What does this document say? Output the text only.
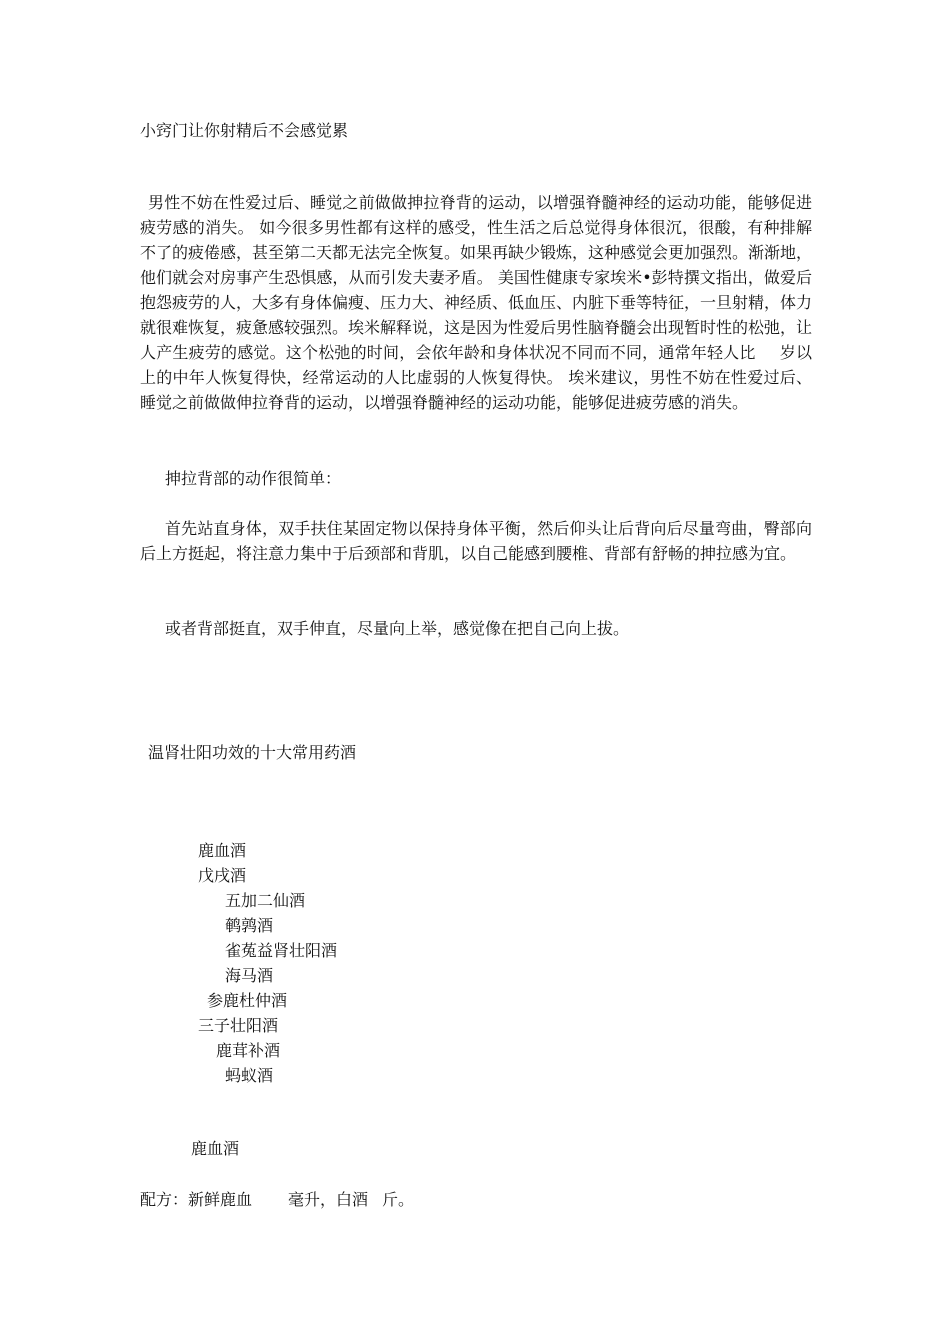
小窍门让你射精后不会感觉累

男性不妨在性爱过后、睡觉之前做做抻拉脊背的运动，以增强脊髓神经的运动功能，能够促进疲劳感的消失。 如今很多男性都有这样的感受，性生活之后总觉得身体很沉，很酸，有种排解不了的疲倦感，甚至第二天都无法完全恢复。如果再缺少锻炼，这种感觉会更加强烈。渐渐地，他们就会对房事产生恐惧感，从而引发夫妻矛盾。 美国性健康专家埃米•彭特撰文指出，做爱后抱怨疲劳的人，大多有身体偏瘦、压力大、神经质、低血压、内脏下垂等特征，一旦射精，体力就很难恢复，疲惫感较强烈。埃米解释说，这是因为性爱后男性脑脊髓会出现暂时性的松弛，让人产生疲劳的感觉。这个松弛的时间，会依年龄和身体状况不同而不同，通常年轻人比 岁以上的中年人恢复得快，经常运动的人比虚弱的人恢复得快。 埃米建议，男性不妨在性爱过后、睡觉之前做做伸拉脊背的运动，以增强脊髓神经的运动功能，能够促进疲劳感的消失。

抻拉背部的动作很简单：

首先站直身体，双手扶住某固定物以保持身体平衡，然后仰头让后背向后尽量弯曲，臀部向后上方挺起，将注意力集中于后颈部和背肌，以自己能感到腰椎、背部有舒畅的抻拉感为宜。

或者背部挺直，双手伸直，尽量向上举，感觉像在把自己向上拔。

温肾壮阳功效的十大常用药酒
鹿血酒
戊戌酒
五加二仙酒
鹌鹑酒
雀菟益肾壮阳酒
海马酒
参鹿杜仲酒
三子壮阳酒
鹿茸补酒
蚂蚁酒
鹿血酒
配方：新鲜鹿血 毫升，白酒 斤。
